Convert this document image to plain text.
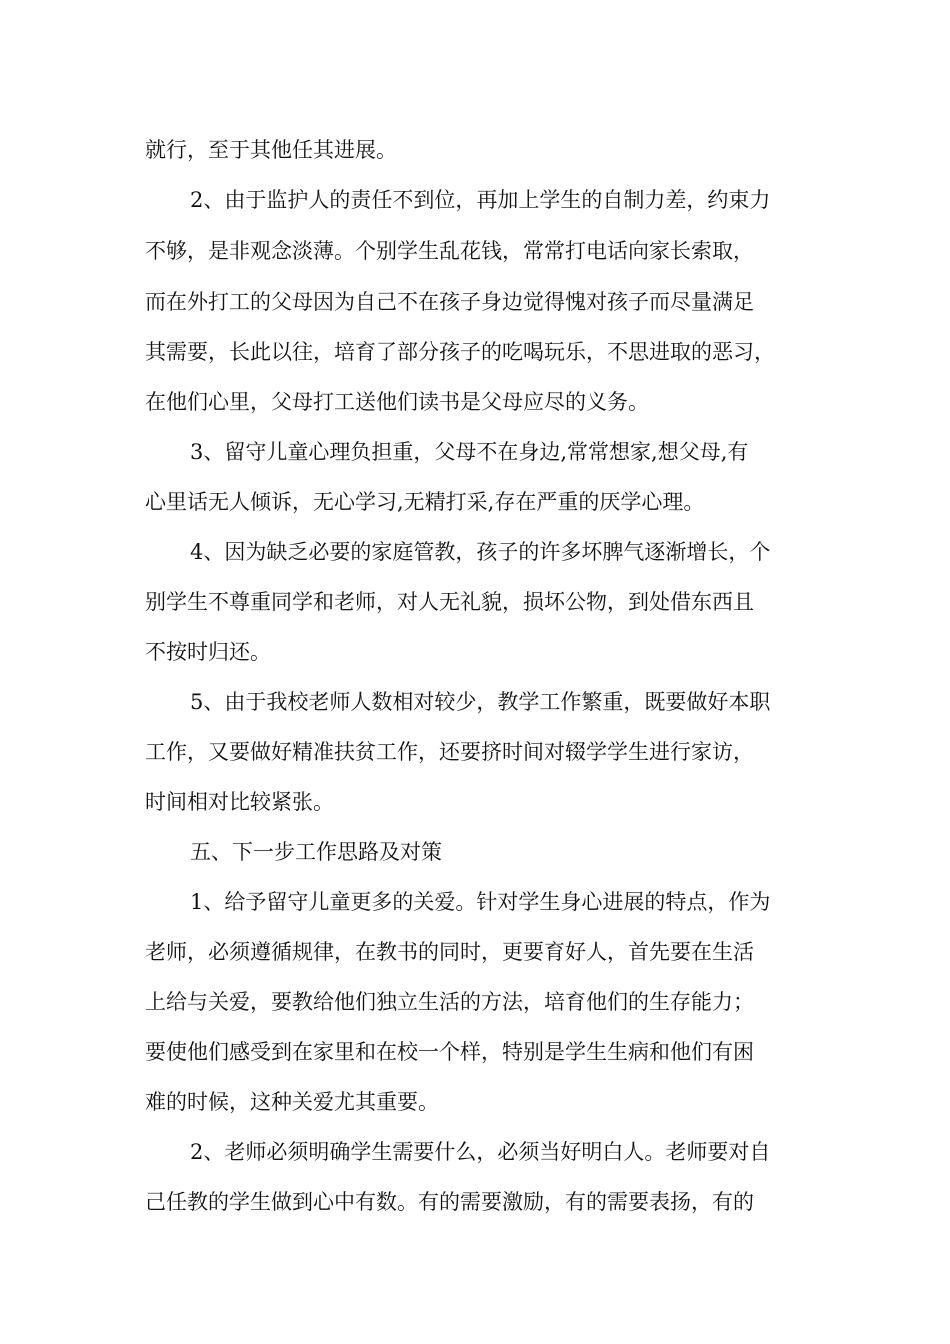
就行，至于其他任其进展。
2、由于监护人的责任不到位，再加上学生的自制力差，约束力
不够，是非观念淡薄。个别学生乱花钱，常常打电话向家长索取，
而在外打工的父母因为自己不在孩子身边觉得愧对孩子而尽量满足
其需要，长此以往，培育了部分孩子的吃喝玩乐，不思进取的恶习，
在他们心里，父母打工送他们读书是父母应尽的义务。
3、留守儿童心理负担重，父母不在身边,常常想家,想父母,有
心里话无人倾诉，无心学习,无精打采,存在严重的厌学心理。
4、因为缺乏必要的家庭管教，孩子的许多坏脾气逐渐增长，个
别学生不尊重同学和老师，对人无礼貌，损坏公物，到处借东西且
不按时归还。
5、由于我校老师人数相对较少，教学工作繁重，既要做好本职
工作，又要做好精准扶贫工作，还要挤时间对辍学学生进行家访，
时间相对比较紧张。
五、下一步工作思路及对策
1、给予留守儿童更多的关爱。针对学生身心进展的特点，作为
老师，必须遵循规律，在教书的同时，更要育好人，首先要在生活
上给与关爱，要教给他们独立生活的方法，培育他们的生存能力；
要使他们感受到在家里和在校一个样，特别是学生生病和他们有困
难的时候，这种关爱尤其重要。
2、老师必须明确学生需要什么，必须当好明白人。老师要对自
己任教的学生做到心中有数。有的需要激励，有的需要表扬，有的
